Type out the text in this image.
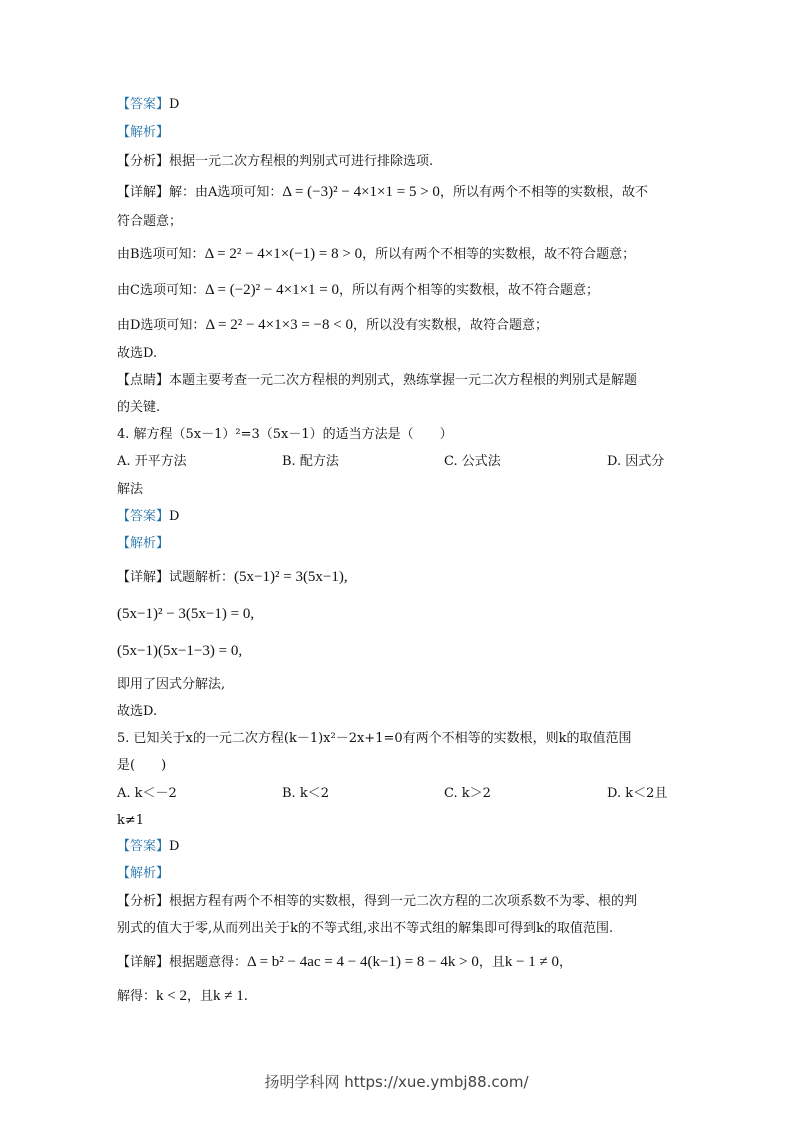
【答案】D
【解析】
【分析】根据一元二次方程根的判别式可进行排除选项.
【详解】解：由A选项可知：Δ = (−3)² − 4×1×1 = 5 > 0，所以有两个不相等的实数根，故不
符合题意；
由B选项可知：Δ = 2² − 4×1×(−1) = 8 > 0，所以有两个不相等的实数根，故不符合题意；
由C选项可知：Δ = (−2)² − 4×1×1 = 0，所以有两个相等的实数根，故不符合题意；
由D选项可知：Δ = 2² − 4×1×3 = −8 < 0，所以没有实数根，故符合题意；
故选D.
【点睛】本题主要考查一元二次方程根的判别式，熟练掌握一元二次方程根的判别式是解题
的关键.
4. 解方程（5x－1）²=3（5x－1）的适当方法是（　　）
A. 开平方法	B. 配方法	C. 公式法	D. 因式分
解法
【答案】D
【解析】
【详解】试题解析：(5x−1)² = 3(5x−1),
(5x−1)² − 3(5x−1) = 0,
(5x−1)(5x−1−3) = 0,
即用了因式分解法,
故选D.
5. 已知关于x的一元二次方程(k－1)x²－2x+1=0有两个不相等的实数根，则k的取值范围
是(　　)
A. k＜－2	B. k＜2	C. k＞2	D. k＜2且
k≠1
【答案】D
【解析】
【分析】根据方程有两个不相等的实数根，得到一元二次方程的二次项系数不为零、根的判
别式的值大于零,从而列出关于k的不等式组,求出不等式组的解集即可得到k的取值范围.
【详解】根据题意得：Δ = b² − 4ac = 4 − 4(k−1) = 8 − 4k > 0，且k − 1 ≠ 0，
解得：k < 2，且k ≠ 1.
扬明学科网 https://xue.ymbj88.com/
